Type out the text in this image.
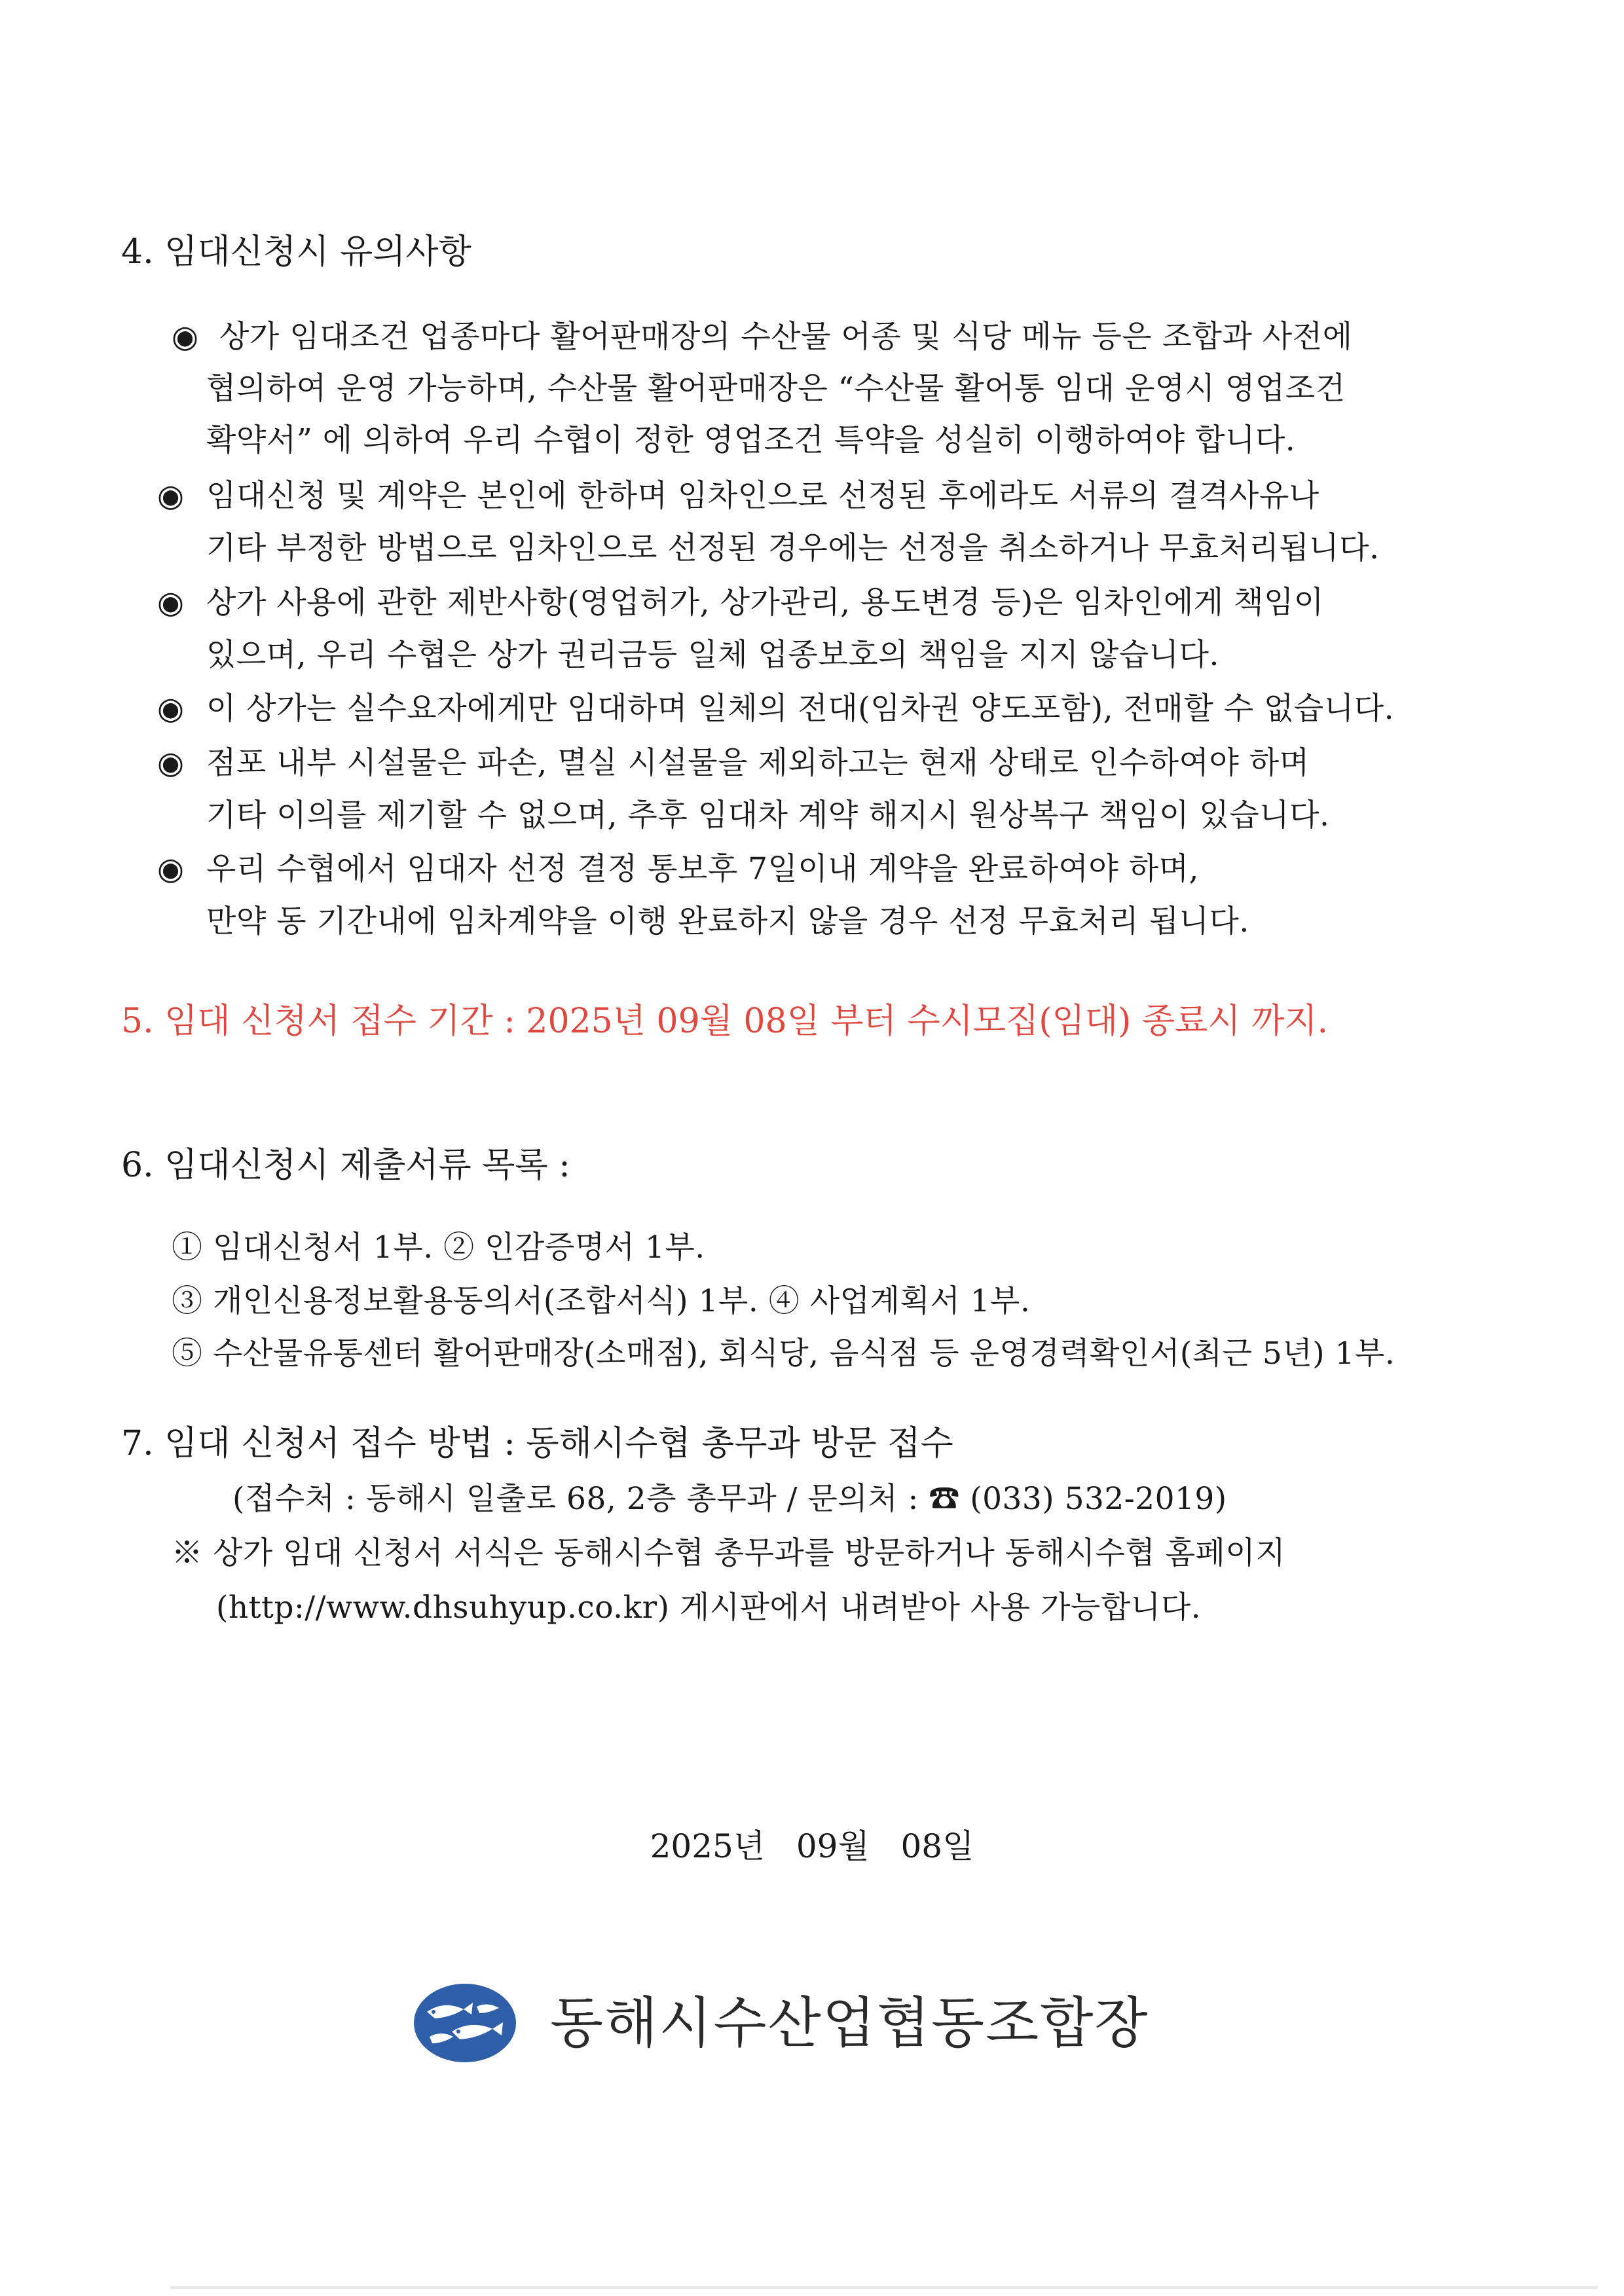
4. 임대신청시 유의사항
◉ 상가 임대조건 업종마다 활어판매장의 수산물 어종 및 식당 메뉴 등은 조합과 사전에
협의하여 운영 가능하며, 수산물 활어판매장은 “수산물 활어통 임대 운영시 영업조건
확약서” 에 의하여 우리 수협이 정한 영업조건 특약을 성실히 이행하여야 합니다.
◉ 임대신청 및 계약은 본인에 한하며 임차인으로 선정된 후에라도 서류의 결격사유나
기타 부정한 방법으로 임차인으로 선정된 경우에는 선정을 취소하거나 무효처리됩니다.
◉ 상가 사용에 관한 제반사항(영업허가, 상가관리, 용도변경 등)은 임차인에게 책임이
있으며, 우리 수협은 상가 권리금등 일체 업종보호의 책임을 지지 않습니다.
◉ 이 상가는 실수요자에게만 임대하며 일체의 전대(임차권 양도포함), 전매할 수 없습니다.
◉ 점포 내부 시설물은 파손, 멸실 시설물을 제외하고는 현재 상태로 인수하여야 하며
기타 이의를 제기할 수 없으며, 추후 임대차 계약 해지시 원상복구 책임이 있습니다.
◉ 우리 수협에서 임대자 선정 결정 통보후 7일이내 계약을 완료하여야 하며,
만약 동 기간내에 임차계약을 이행 완료하지 않을 경우 선정 무효처리 됩니다.
5. 임대 신청서 접수 기간 : 2025년 09월 08일 부터 수시모집(임대) 종료시 까지.
6. 임대신청시 제출서류 목록 :
① 임대신청서 1부. ② 인감증명서 1부.
③ 개인신용정보활용동의서(조합서식) 1부. ④ 사업계획서 1부.
⑤ 수산물유통센터 활어판매장(소매점), 회식당, 음식점 등 운영경력확인서(최근 5년) 1부.
7. 임대 신청서 접수 방법 : 동해시수협 총무과 방문 접수
(접수처 : 동해시 일출로 68, 2층 총무과 / 문의처 : ☎ (033) 532-2019)
※ 상가 임대 신청서 서식은 동해시수협 총무과를 방문하거나 동해시수협 홈페이지
(http://www.dhsuhyup.co.kr) 게시판에서 내려받아 사용 가능합니다.
2025년   09월   08일
동해시수산업협동조합장
